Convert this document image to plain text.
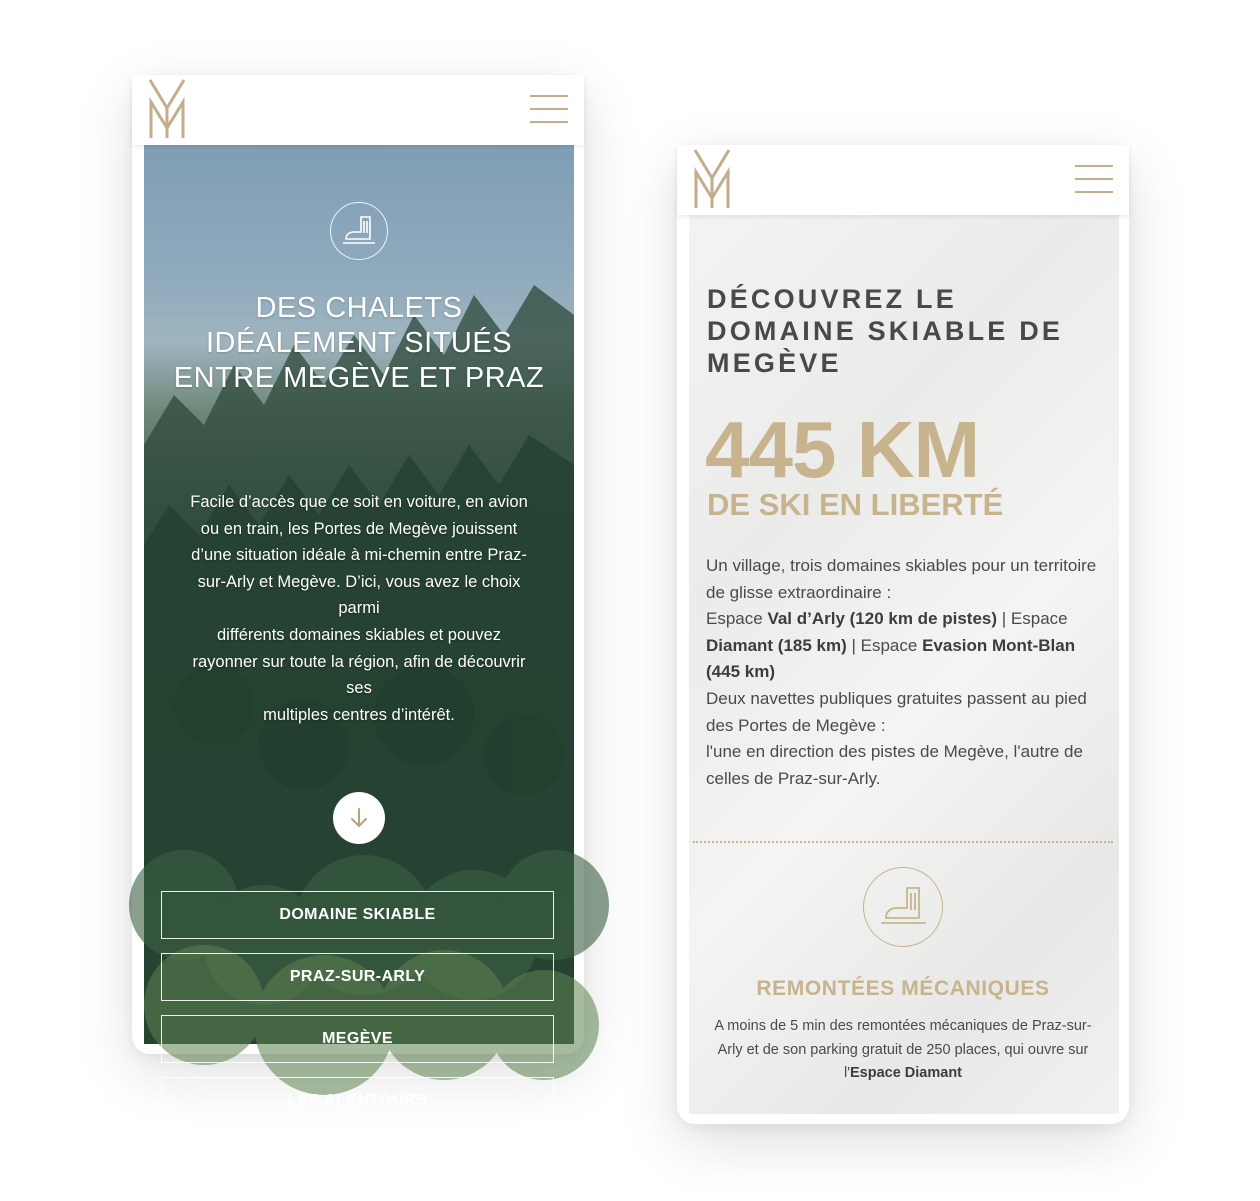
DES CHALETS
IDÉALEMENT SITUÉS
ENTRE MEGÈVE ET PRAZ

Facile d’accès que ce soit en voiture, en avion
ou en train, les Portes de Megève jouissent
d’une situation idéale à mi-chemin entre Praz-
sur-Arly et Megève. D’ici, vous avez le choix
parmi
différents domaines skiables et pouvez
rayonner sur toute la région, afin de découvrir
ses
multiples centres d’intérêt.

DOMAINE SKIABLE
PRAZ-SUR-ARLY
MEGÈVE
LES ALENTOURS
DÉCOUVREZ LE
DOMAINE SKIABLE DE
MEGÈVE
445 KM
DE SKI EN LIBERTÉ

Un village, trois domaines skiables pour un territoire de glisse extraordinaire :

Espace Val d’Arly (120 km de pistes) | Espace Diamant (185 km) | Espace Evasion Mont-Blan (445 km)

Deux navettes publiques gratuites passent au pied des Portes de Megève :

l'une en direction des pistes de Megève, l'autre de celles de Praz-sur-Arly.

REMONTÉES MÉCANIQUES

A moins de 5 min des remontées mécaniques de Praz-sur-Arly et de son parking gratuit de 250 places, qui ouvre sur l'Espace Diamant
